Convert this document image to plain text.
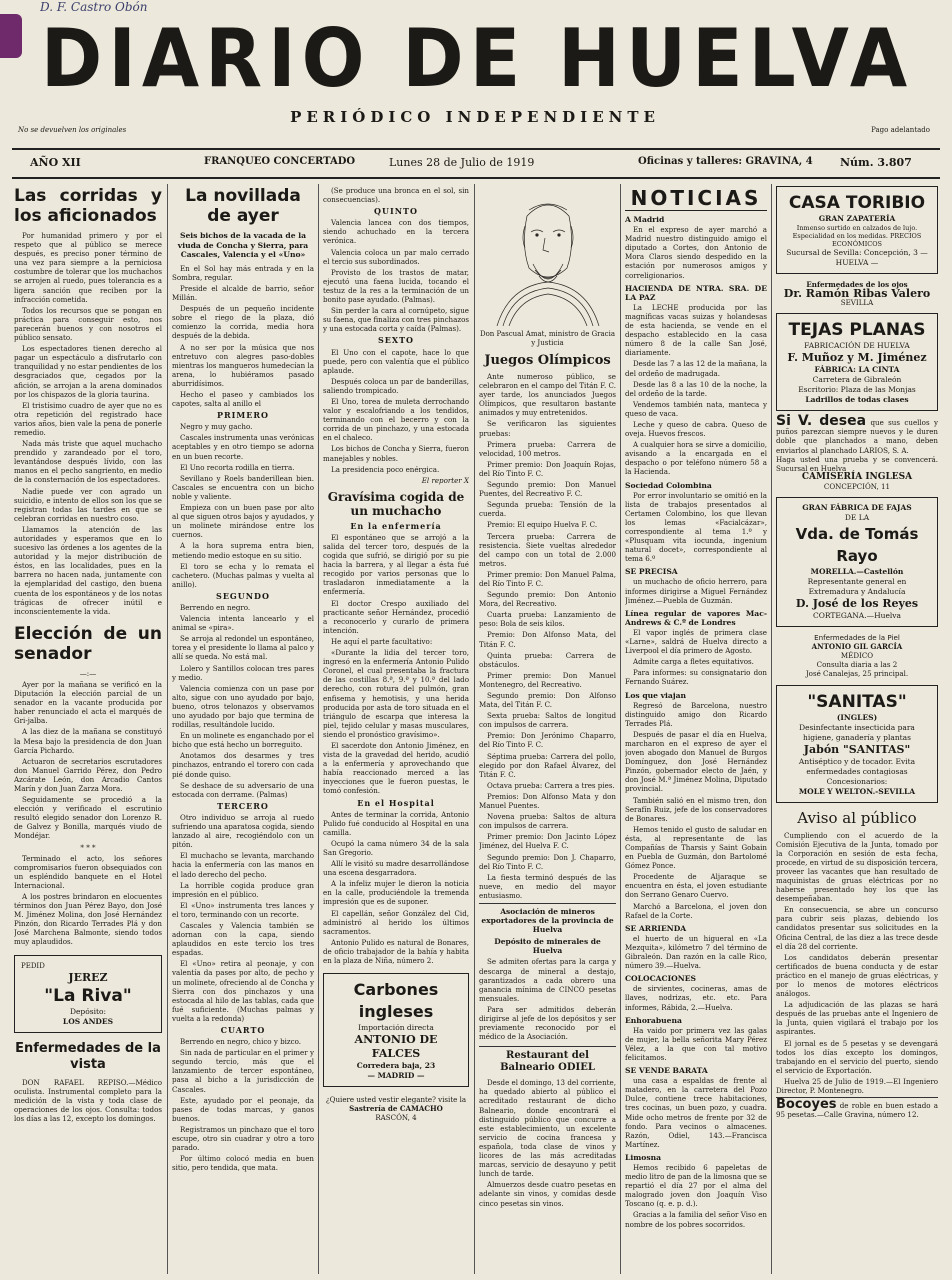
D. F. Castro Obón
DIARIO DE HUELVA
PERIÓDICO INDEPENDIENTE
No se devuelven los originales	Pago adelantado
AÑO XII	FRANQUEO CONCERTADO	Lunes 28 de Julio de 1919	Oficinas y talleres: GRAVINA, 4 Núm. 3.807
Las corridas y los aficionados

Por humanidad primero y por el respeto que al público se merece después, es preciso poner término de una vez para siempre a la perniciosa costumbre de tolerar que los muchachos se arrojen al ruedo, pues tolerancia es a ligera sanción que reciben por la infracción cometida.

Todos los recursos que se pongan en práctica para conseguir esto, nos parecerán buenos y con nosotros el público sensato.

Los espectadores tienen derecho al pagar un espectáculo a disfrutarlo con tranquilidad y no estar pendientes de los desgraciados que, cegados por la afición, se arrojan a la arena dominados por los chispazos de la gloria taurina.

El tristísimo cuadro de ayer que no es otra repetición del registrado hace varios años, bien vale la pena de ponerle remedio.

Nada más triste que aquel muchacho prendido y zarandeado por el toro, levantándose después lívido, con las manos en el pecho sangriento, en medio de la consternación de los espectadores.

Nadie puede ver con agrado un suicidio, e intento de ellos son los que se registran todas las tardes en que se celebran corridas en nuestro coso.

Llamamos la atención de las autoridades y esperamos que en lo sucesivo las órdenes a los agentes de la autoridad y la mejor distribución de éstos, en las localidades, pues en la barrera no hacen nada, juntamente con la ejemplaridad del castigo, den buena cuenta de los espontáneos y de los notas trágicas de ofrecer inútil e inconscientemente la vida.

Elección de un senador
—:—

Ayer por la mañana se verificó en la Diputación la elección parcial de un senador en la vacante producida por haber renunciado el acta el marqués de Gri-jalba.

A las diez de la mañana se constituyó la Mesa bajo la presidencia de don Juan García Pichardo.

Actuaron de secretarios escrutadores don Manuel Garrido Pérez, don Pedro Azcárate León, don Arcadio Cantos Marín y don Juan Zarza Mora.

Seguidamente se procedió a la elección y verificado el escrutinio resultó elegido senador don Lorenzo R. de Galvez y Bonilla, marqués viudo de Mondéjar.

* * *

Terminado el acto, los señores compromisarios fueron obsequiados con un espléndido banquete en el Hotel Internacional.

A los postres brindaron en elocuentes términos don Juan Pérez Bayo, don José M. Jiménez Molina, don José Hernández Pinzón, don Ricardo Terrades Plá y don José Marchena Balmonte, siendo todos muy aplaudidos.

PEDID
JEREZ
"La Riva"
Depósito:
LOS ANDES
Enfermedades de la vista

DON RAFAEL REPISO.—Médico oculista. Instrumental completo para la medición de la vista y toda clase de operaciones de los ojos. Consulta: todos los días a las 12, excepto los domingos.

La novillada de ayer
Seis bichos de la vacada de la viuda de Concha y Sierra, para Cascales, Valencia y el «Uno»

En el Sol hay más entrada y en la Sombra, regular.

Preside el alcalde de barrio, señor Millán.

Después de un pequeño incidente sobre el riego de la plaza, dió comienzo la corrida, media hora después de la debida.

A no ser por la música que nos entretuvo con alegres paso-dobles mientras los mangueros humedecían la arena, lo hubiéramos pasado aburridísimos.

Hecho el paseo y cambiados los capotes, salta al anillo el

PRIMERO

Negro y muy gacho.

Cascales instrumenta unas verónicas aceptables y en otro tiempo se adorna en un buen recorte.

El Uno recorta rodilla en tierra.

Sevillano y Roels banderillean bien. Cascales se encuentra con un bicho noble y valiente.

Empieza con un buen pase por alto al que siguen otros bajos y ayudados, y un molinete mirándose entre los cuernos.

A la hora suprema entra bien, metiendo medio estoque en su sitio.

El toro se echa y lo remata el cachetero. (Muchas palmas y vuelta al anillo).

SEGUNDO

Berrendo en negro.

Valencia intenta lancearlo y el animal se «pira».

Se arroja al redondel un espontáneo, torea y el presidente lo llama al palco y allí se queda. No está mal.

Lolero y Santillos colocan tres pares y medio.

Valencia comienza con un pase por alto, sigue con uno ayudado por bajo, bueno, otros telonazos y observamos uno ayudado por bajo que termina de rodillas, resultándole lucido.

En un molinete es enganchado por el bicho que está hecho un borreguito.

Anotamos dos desarmes y tres pinchazos, entrando el torero con cada pié donde quiso.

Se deshace de su adversario de una estocada con derrame. (Palmas)

TERCERO

Otro individuo se arroja al ruedo sufriendo una aparatosa cogida, siendo lanzado al aire, recogiéndolo con un pitón.

El muchacho se levanta, marchando hacia la enfermería con las manos en el lado derecho del pecho.

La horrible cogida produce gran impresión en el público.

El «Uno» instrumenta tres lances y el toro, terminando con un recorte.

Cascales y Valencia también se adornan con la capa, siendo aplaudidos en este tercio los tres espadas.

El «Uno» retira al peonaje, y con valentía da pases por alto, de pecho y un molinete, ofreciendo al de Concha y Sierra con dos pinchazos y una estocada al hilo de las tablas, cada que fué suficiente. (Muchas palmas y vuelta a la redonda)

CUARTO

Berrendo en negro, chico y bizco.

Sin nada de particular en el primer y segundo tercio, más que el lanzamiento de tercer espontáneo, pasa al bicho a la jurisdicción de Cascales.

Este, ayudado por el peonaje, da pases de todas marcas, y ganos buenos.

Registramos un pinchazo que el toro escupe, otro sin cuadrar y otro a toro parado.

Por último colocó media en buen sitio, pero tendida, que mata.

(Se produce una bronca en el sol, sin consecuencias).

QUINTO

Valencia lancea con dos tiempos, siendo achuchado en la tercera verónica.

Valencia coloca un par malo cerrado el tercio sus subordinados.

Provisto de los trastos de matar, ejecutó una faena lucida, tocando el testuz de la res a la terminación de un bonito pase ayudado. (Palmas).

Sin perder la cara al cornúpeto, sigue su faena, que finaliza con tres pinchazos y una estocada corta y caída (Palmas).

SEXTO

El Uno con el capote, hace lo que puede, pero con valentía que el público aplaude.

Después coloca un par de banderillas, saliendo trompicado.

El Uno, torea de muleta derrochando valor y escalofriando a los tendidos, terminando con el becerro y con la corrida de un pinchazo, y una estocada en el chaleco.

Los bichos de Concha y Sierra, fueron manejables y nobles.

La presidencia poco enérgica.

El reporter X
Gravísima cogida de un muchacho
En la enfermería

El espontáneo que se arrojó a la salida del tercer toro, después de la cogida que sufrió, se dirigió por su pie hacia la barrera, y al llegar a ésta fué recogido por varios personas que lo trasladaron inmediatamente a la enfermería.

El doctor Crespo auxiliado del practicante señor Hernández, procedió a reconocerlo y curarlo de primera intención.

He aquí el parte facultativo:

«Durante la lidia del tercer toro, ingresó en la enfermería Antonio Pulido Coronel, el cual presentaba la fractura de las costillas 8.ª, 9.ª y 10.ª del lado derecho, con rotura del pulmón, gran enfisema y hemotisis, y una herida producida por asta de toro situada en el triángulo de escarpa que interesa la piel, tejido celular y masas musculares, siendo el pronóstico gravísimo».

El sacerdote don Antonio Jiménez, en vista de la gravedad del herido, acudió a la enfermería y aprovechando que había reaccionado merced a las inyecciones que le fueron puestas, le tomó confesión.

En el Hospital

Antes de terminar la corrida, Antonio Pulido fué conducido al Hospital en una camilla.

Ocupó la cama número 34 de la sala San Gregorio.

Allí le visitó su madre desarrollándose una escena desgarradora.

A la infeliz mujer le dieron la noticia en la calle, produciéndole la tremenda impresión que es de suponer.

El capellán, señor González del Cid, administró al herido los últimos sacramentos.

Antonio Pulido es natural de Bonares, de oficio trabajador de la bahía y habita en la plaza de Niña, número 2.

Carbones ingleses
Importación directa
ANTONIO DE FALCES
Corredera baja, 23
— MADRID —
¿Quiere usted vestir elegante? visite la
Sastrería de CAMACHO
RASCÓN, 4
Don Pascual Amat, ministro de Gracia y Justicia
Juegos Olímpicos

Ante numeroso público, se celebraron en el campo del Titán F. C. ayer tarde, los anunciados Juegos Olímpicos, que resultaron bastante animados y muy entretenidos.

Se verificaron las siguientes pruebas:

Primera prueba: Carrera de velocidad, 100 metros.

Primer premio: Don Joaquín Rojas, del Río Tinto F. C.

Segundo premio: Don Manuel Puentes, del Recreativo F. C.

Segunda prueba: Tensión de la cuerda.

Premio: El equipo Huelva F. C.

Tercera prueba: Carrera de resistencia. Siete vueltas alrededor del campo con un total de 2.000 metros.

Primer premio: Don Manuel Palma, del Río Tinto F. C.

Segundo premio: Don Antonio Mora, del Recreativo.

Cuarta prueba: Lanzamiento de peso: Bola de seis kilos.

Premio: Don Alfonso Mata, del Titán F. C.

Quinta prueba: Carrera de obstáculos.

Primer premio: Don Manuel Montenegro, del Recreativo.

Segundo premio: Don Alfonso Mata, del Titán F. C.

Sexta prueba: Saltos de longitud con impulsos de carrera.

Premio: Don Jerónimo Chaparro, del Río Tinto F. C.

Séptima prueba: Carrera del pollo, elegido por don Rafael Álvarez, del Titán F. C.

Octava prueba: Carrera a tres pies.

Premios: Don Alfonso Mata y don Manuel Puentes.

Novena prueba: Saltos de altura con impulsos de carrera.

Primer premio: Don Jacinto López Jiménez, del Huelva F. C.

Segundo premio: Don J. Chaparro, del Río Tinto F. C.

La fiesta terminó después de las nueve, en medio del mayor entusiasmo.

Asociación de mineros exportadores de la provincia de Huelva
Depósito de minerales de Huelva

Se admiten ofertas para la carga y descarga de mineral a destajo, garantizados a cada obrero una ganancia mínima de CINCO pesetas mensuales.

Para ser admitidos deberán dirigirse al jefe de los depósitos y ser previamente reconocido por el médico de la Asociación.

Restaurant del Balneario ODIEL

Desde el domingo, 13 del corriente, ha quedado abierto al público el acreditado restaurant de dicho Balneario, donde encontrará el distinguido público que concurre a este establecimiento, un excelente servicio de cocina francesa y española, toda clase de vinos y licores de las más acreditadas marcas, servicio de desayuno y petit lunch de tarde.

Almuerzos desde cuatro pesetas en adelante sin vinos, y comidas desde cinco pesetas sin vinos.

NOTICIAS
A Madrid

En el expreso de ayer marchó a Madrid nuestro distinguido amigo el diputado a Cortes, don Antonio de Mora Claros siendo despedido en la estación por numerosos amigos y correligionarios.

HACIENDA DE NTRA. SRA. DE LA PAZ

La LECHE producida por las magníficas vacas suizas y holandesas de esta hacienda, se vende en el despacho establecido en la casa número 8 de la calle San José, diariamente.

Desde las 7 a las 12 de la mañana, la del ordeño de madrugada.

Desde las 8 a las 10 de la noche, la del ordeño de la tarde.

Vendemos también nata, manteca y queso de vaca.

Leche y queso de cabra. Queso de oveja. Huevos frescos.

A cualquier hora se sirve a domicilio, avisando a la encargada en el despacho o por teléfono número 58 a la Hacienda.

Sociedad Colombina

Por error involuntario se omitió en la lista de trabajos presentados al Certamen Colombino, los que llevan los lemas «Facialcázar», correspondiente al tema 1.º y «Plusquam vita iocunda, ingenium natural docet», correspondiente al tema 6.º

SE PRECISA

un muchacho de oficio herrero, para informes dirigirse a Miguel Fernández Jiménez.—Puebla de Guzmán.

Línea regular de vapores Mac-Andrews & C.º de Londres

El vapor inglés de primera clase «Larne», saldrá de Huelva directo a Liverpool el día primero de Agosto.

Admite carga a fletes equitativos.

Para informes: su consignatario don Fernando Suárez.

Los que viajan

Regresó de Barcelona, nuestro distinguido amigo don Ricardo Terrades Plá.

Después de pasar el día en Huelva, marcharon en el expreso de ayer el joven abogado don Manuel de Burgos Domínguez, don José Hernández Pinzón, gobernador electo de Jaén, y don José M.ª Jiménez Molina, Diputado provincial.

También salió en el mismo tren, don Serafín Ruiz, jefe de los conservadores de Bonares.

Hemos tenido el gusto de saludar en ésta, al representante de las Compañías de Tharsis y Saint Gobain en Puebla de Guzmán, don Bartolomé Gómez Ponce.

Procedente de Aljaraque se encuentra en ésta, el joven estudiante don Serrano Genaro Cuervo.

Marchó a Barcelona, el joven don Rafael de la Corte.

SE ARRIENDA

el huerto de un higueral en «La Mezquita», kilómetro 7 del término de Gibraleón. Dan razón en la calle Rico, número 39.—Huelva.

COLOCACIONES

de sirvientes, cocineras, amas de llaves, nodrizas, etc. etc. Para informes, Rábida, 2.—Huelva.

Enhorabuena

Ha vaido por primera vez las galas de mujer, la bella señorita Mary Pérez Vélez, a la que con tal motivo felicitamos.

SE VENDE BARATA

una casa a espaldas de frente al matadero, en la carretera del Pozo Dulce, contiene trece habitaciones, tres cocinas, un buen pozo, y cuadra. Mide ocho metros de frente por 32 de fondo. Para vecinos o almacenes. Razón, Odiel, 143.—Francisca Martínez.

Limosna

Hemos recibido 6 papeletas de medio litro de pan de la limosna que se repartió el día 27 por el alma del malogrado joven don Joaquín Viso Toscano (q. e. p. d.).

Gracias a la familia del señor Viso en nombre de los pobres socorridos.

CASA TORIBIO
GRAN ZAPATERÍA
Inmenso surtido en calzados de lujo. Especialidad en los medidas. PRECIOS ECONÓMICOS
Sucursal de Sevilla: Concepción, 3 — HUELVA —
Enfermedades de los ojos
Dr. Ramón Ribas Valero
SEVILLA
TEJAS PLANAS
FABRICACIÓN DE HUELVA
F. Muñoz y M. Jiménez
FÁBRICA: LA CINTA
Carretera de Gibraleón
Escritorio: Plaza de las Monjas
Ladrillos de todas clases
Si V. desea que sus cuellos y puños parezcan siempre nuevos y le duren doble que planchados a mano, deben enviarlos al planchado LARIOS, S. A.
Haga usted una prueba y se convencerá. Sucursal en Huelva
CAMISERÍA INGLESA
CONCEPCIÓN, 11
GRAN FÁBRICA DE FAJAS
DE LA
Vda. de Tomás Rayo
MORELLA.—Castellón
Representante general en Extremadura y Andalucía
D. José de los Reyes
CORTEGANA.—Huelva
Enfermedades de la Piel
ANTONIO GIL GARCÍA
MÉDICO
Consulta diaria a las 2
José Canalejas, 25 principal.
"SANITAS"
(INGLES)
Desinfectante insecticida para higiene, ganadería y plantas
Jabón "SANITAS"
Antiséptico y de tocador. Evita enfermedades contagiosas
Concesionarios:
MOLE Y WELTON.-SEVILLA
Aviso al público

Cumpliendo con el acuerdo de la Comisión Ejecutiva de la Junta, tomado por la Corporación en sesión de esta fecha, procede, en virtud de su disposición tercera, proveer las vacantes que han resultado de maquinistas de gruas eléctricas por no haberse presentado hoy los que las desempeñaban.

En consecuencia, se abre un concurso para cubrir seis plazas, debiendo los candidatos presentar sus solicitudes en la Oficina Central, de las diez a las trece desde el día 28 del corriente.

Los candidatos deberán presentar certificados de buena conducta y de estar práctico en el manejo de gruas eléctricas, y por lo menos de motores eléctricos análogos.

La adjudicación de las plazas se hará después de las pruebas ante el Ingeniero de la Junta, quien vigilará el trabajo por los aspirantes.

El jornal es de 5 pesetas y se devengará todos los días excepto los domingos, trabajando en el servicio del puerto, siendo el servicio de Exportación.

Huelva 25 de Julio de 1919.—El Ingeniero Director, P. Montenegro.

Bocoyes de roble en buen estado a 95 pesetas.—Calle Gravina, número 12.
